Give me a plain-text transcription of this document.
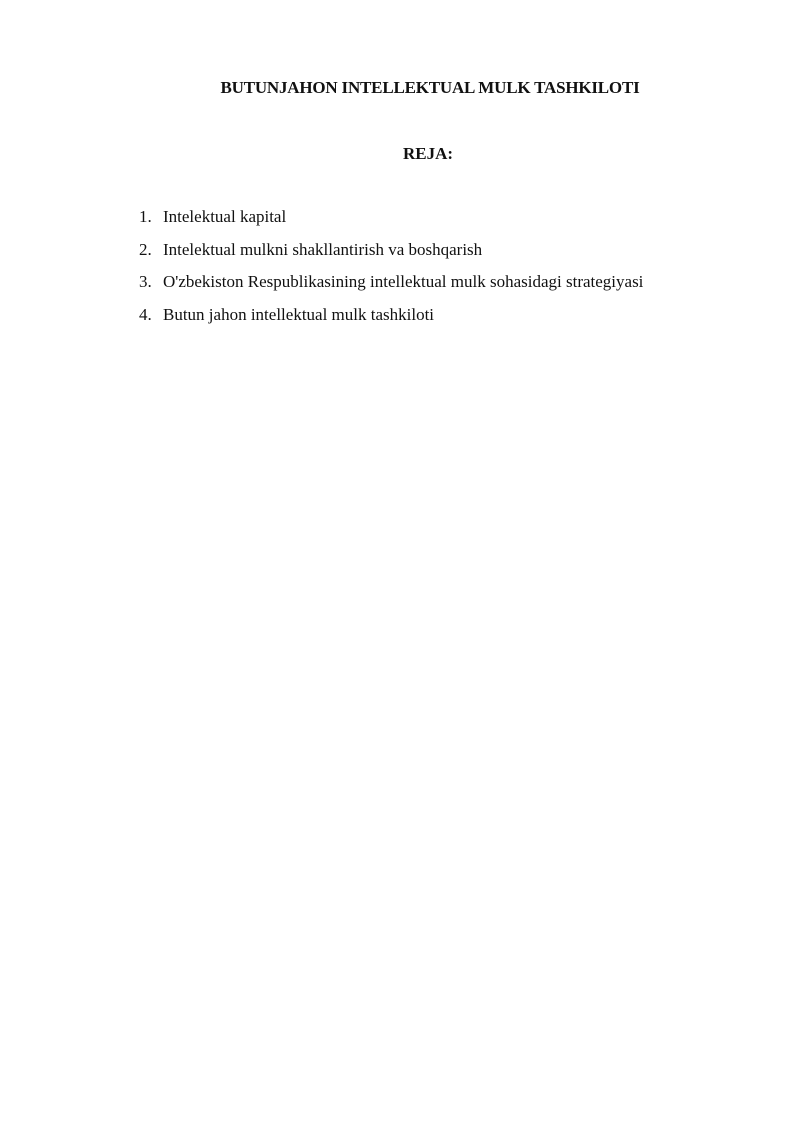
BUTUNJAHON INTELLEKTUAL MULK TASHKILOTI
REJA:
1. Intelektual kapital
2. Intelektual mulkni shakllantirish va boshqarish
3. O'zbekiston Respublikasining intellektual mulk sohasidagi strategiyasi
4. Butun jahon intellektual mulk tashkiloti
